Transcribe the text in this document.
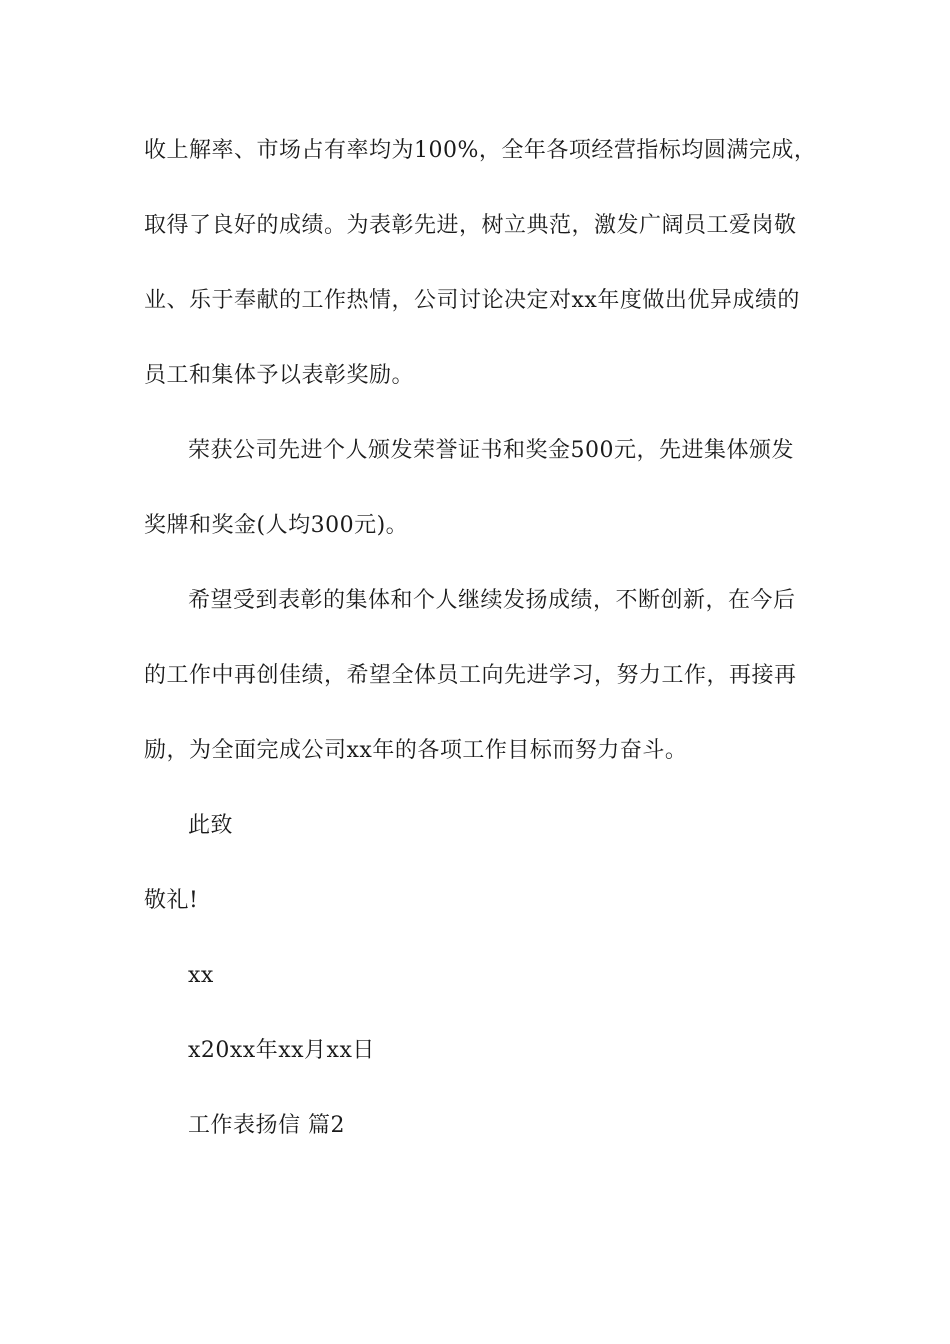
收上解率、市场占有率均为100%，全年各项经营指标均圆满完成，
取得了良好的成绩。为表彰先进，树立典范，激发广阔员工爱岗敬
业、乐于奉献的工作热情，公司讨论决定对xx年度做出优异成绩的
员工和集体予以表彰奖励。
荣获公司先进个人颁发荣誉证书和奖金500元，先进集体颁发
奖牌和奖金(人均300元)。
希望受到表彰的集体和个人继续发扬成绩，不断创新，在今后
的工作中再创佳绩，希望全体员工向先进学习，努力工作，再接再
励，为全面完成公司xx年的各项工作目标而努力奋斗。
此致
敬礼!
xx
x20xx年xx月xx日
工作表扬信 篇2
